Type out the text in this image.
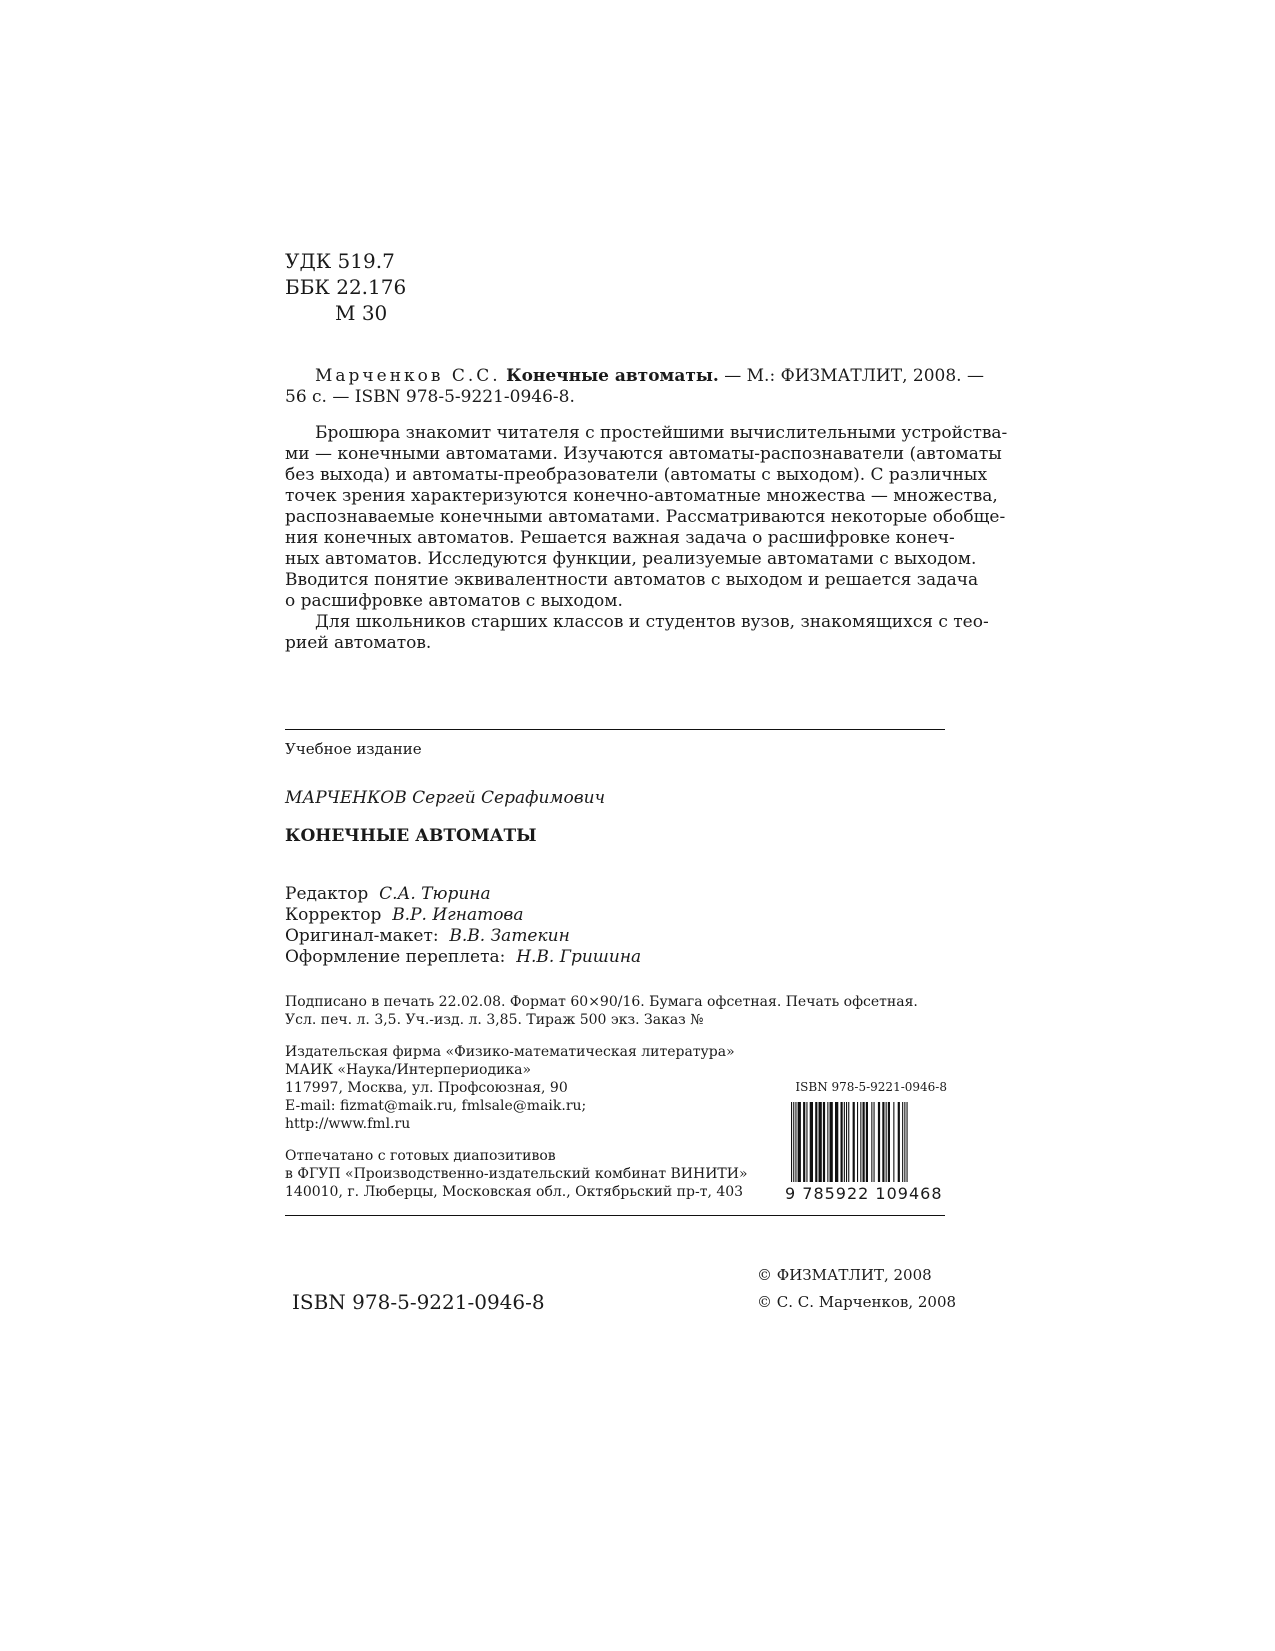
УДК 519.7
ББК 22.176
М 30
Марченков С.С. Конечные автоматы. — М.: ФИЗМАТЛИТ, 2008. —
56 с. — ISBN 978-5-9221-0946-8.
Брошюра знакомит читателя с простейшими вычислительными устройства-
ми — конечными автоматами. Изучаются автоматы-распознаватели (автоматы
без выхода) и автоматы-преобразователи (автоматы с выходом). С различных
точек зрения характеризуются конечно-автоматные множества — множества,
распознаваемые конечными автоматами. Рассматриваются некоторые обобще-
ния конечных автоматов. Решается важная задача о расшифровке конеч-
ных автоматов. Исследуются функции, реализуемые автоматами с выходом.
Вводится понятие эквивалентности автоматов с выходом и решается задача
о расшифровке автоматов с выходом.
Для школьников старших классов и студентов вузов, знакомящихся с тео-
рией автоматов.
Учебное издание
МАРЧЕНКОВ Сергей Серафимович
КОНЕЧНЫЕ АВТОМАТЫ
Редактор С.А. Тюрина
Корректор В.Р. Игнатова
Оригинал-макет: В.В. Затекин
Оформление переплета: Н.В. Гришина
Подписано в печать 22.02.08. Формат 60×90/16. Бумага офсетная. Печать офсетная.
Усл. печ. л. 3,5. Уч.-изд. л. 3,85. Тираж 500 экз. Заказ №
Издательская фирма «Физико-математическая литература»
МАИК «Наука/Интерпериодика»
117997, Москва, ул. Профсоюзная, 90
E-mail: fizmat@maik.ru, fmlsale@maik.ru;
http://www.fml.ru
Отпечатано с готовых диапозитивов
в ФГУП «Производственно-издательский комбинат ВИНИТИ»
140010, г. Люберцы, Московская обл., Октябрьский пр-т, 403
ISBN 978-5-9221-0946-8
9 785922 109468
ISBN 978-5-9221-0946-8
© ФИЗМАТЛИТ, 2008
© С. С. Марченков, 2008
